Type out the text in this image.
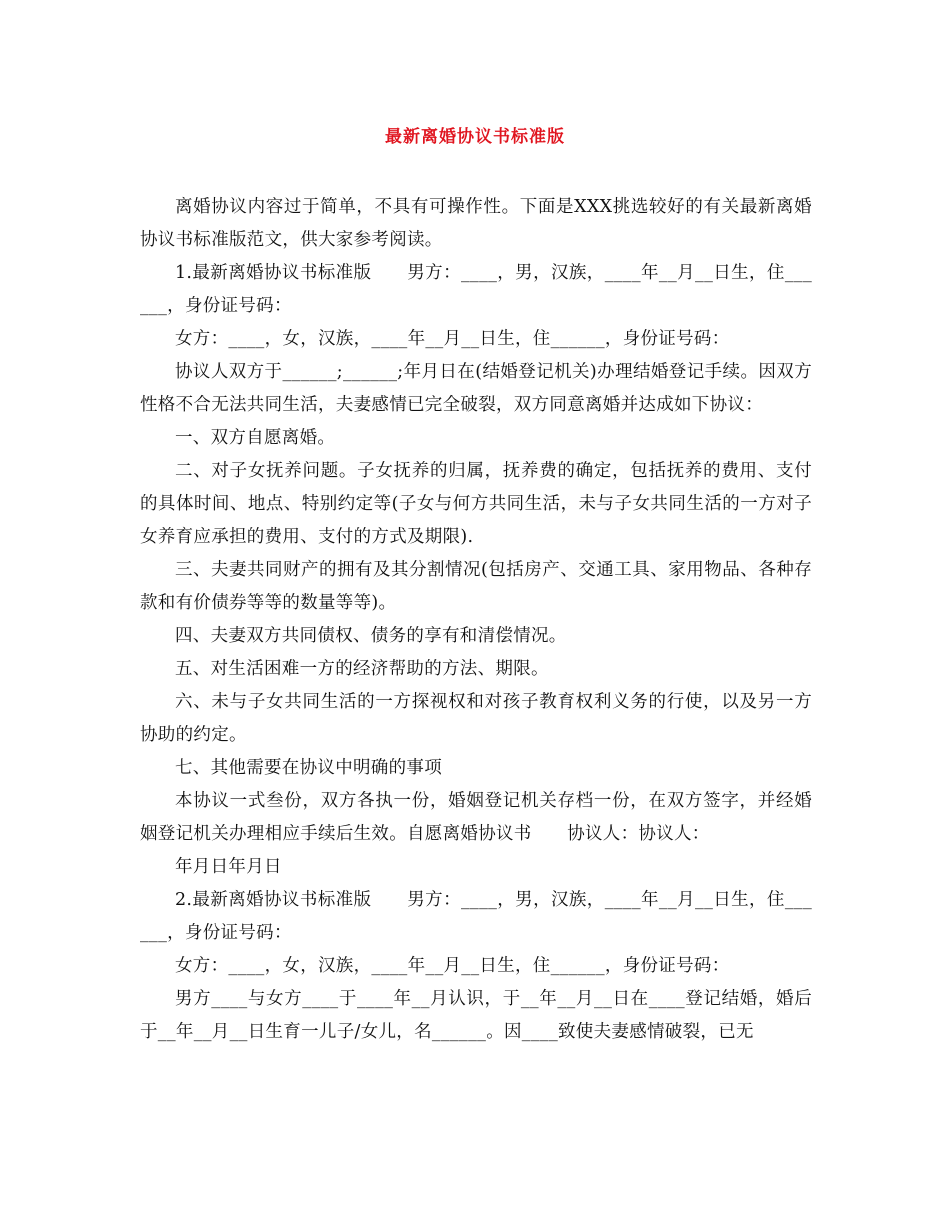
最新离婚协议书标准版

离婚协议内容过于简单，不具有可操作性。下面是XXX挑选较好的有关最新离婚协议书标准版范文，供大家参考阅读。

1.最新离婚协议书标准版　　男方：____，男，汉族，____年__月__日生，住______，身份证号码：

女方：____，女，汉族，____年__月__日生，住______，身份证号码：

协议人双方于______;______;年月日在(结婚登记机关)办理结婚登记手续。因双方性格不合无法共同生活，夫妻感情已完全破裂，双方同意离婚并达成如下协议：

一、双方自愿离婚。

二、对子女抚养问题。子女抚养的归属，抚养费的确定，包括抚养的费用、支付的具体时间、地点、特别约定等(子女与何方共同生活，未与子女共同生活的一方对子女养育应承担的费用、支付的方式及期限).

三、夫妻共同财产的拥有及其分割情况(包括房产、交通工具、家用物品、各种存款和有价债券等等的数量等等)。

四、夫妻双方共同债权、债务的享有和清偿情况。

五、对生活困难一方的经济帮助的方法、期限。

六、未与子女共同生活的一方探视权和对孩子教育权利义务的行使，以及另一方协助的约定。

七、其他需要在协议中明确的事项

本协议一式叁份，双方各执一份，婚姻登记机关存档一份，在双方签字，并经婚姻登记机关办理相应手续后生效。自愿离婚协议书　　协议人：协议人：

年月日年月日

2.最新离婚协议书标准版　　男方：____，男，汉族，____年__月__日生，住______，身份证号码：

女方：____，女，汉族，____年__月__日生，住______，身份证号码：

男方____与女方____于____年__月认识，于__年__月__日在____登记结婚，婚后于__年__月__日生育一儿子/女儿，名______。因____致使夫妻感情破裂，已无
